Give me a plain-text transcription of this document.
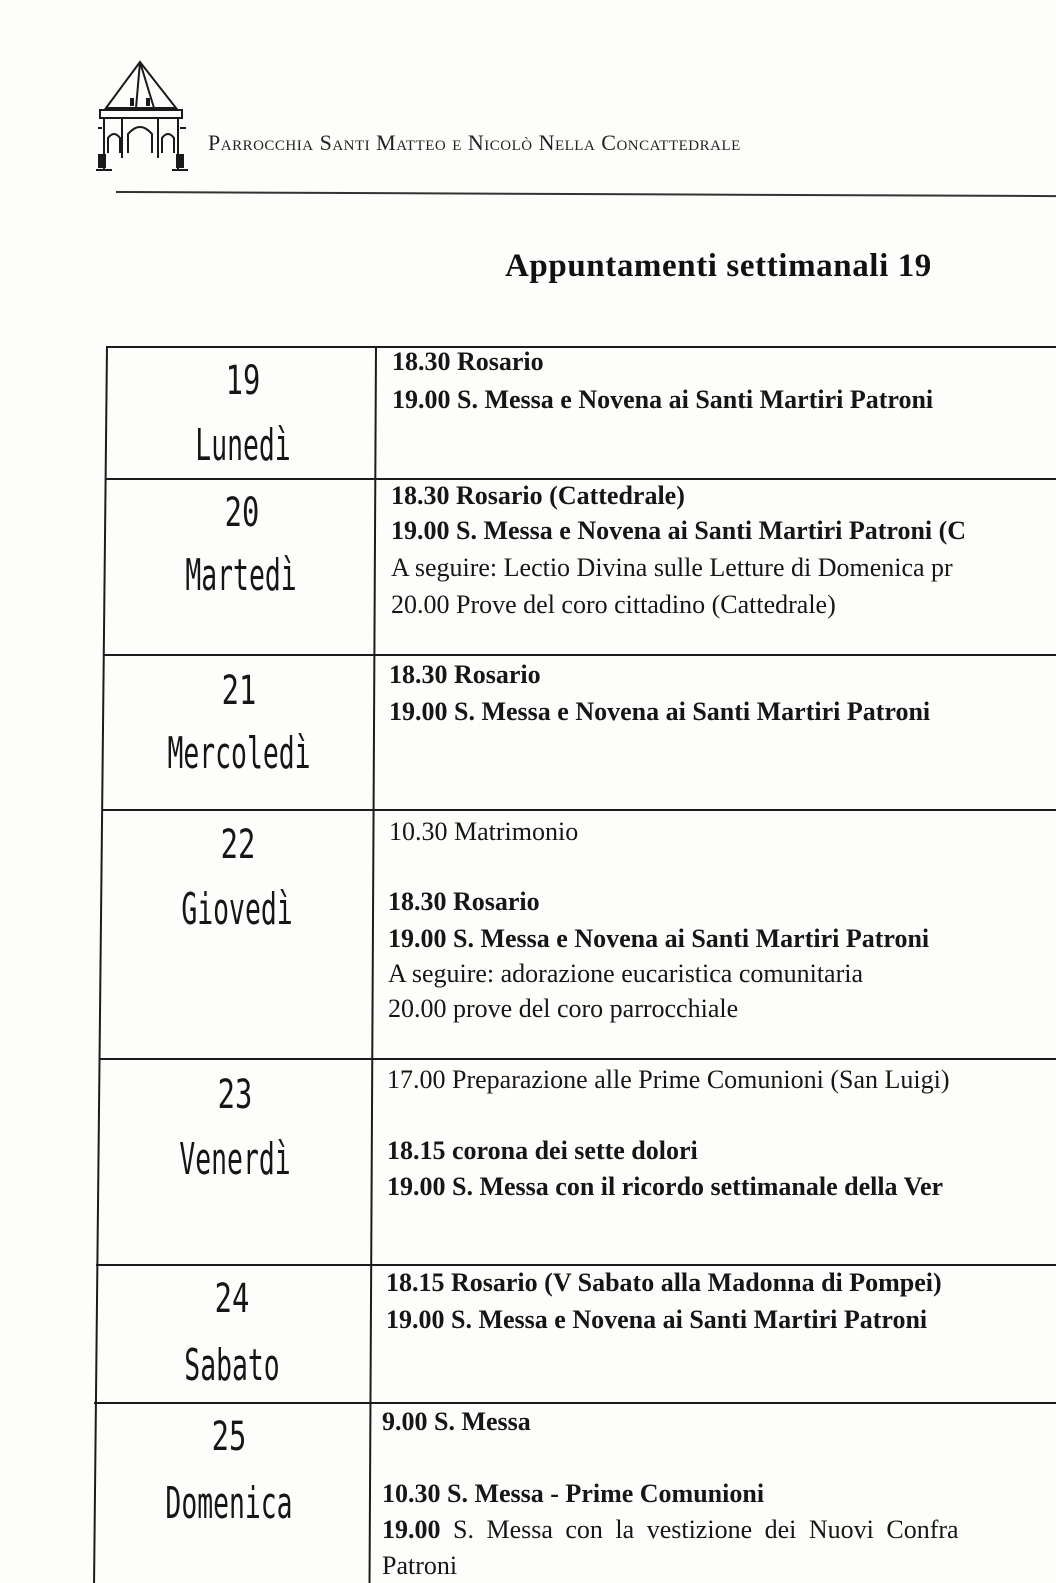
Parrocchia Santi Matteo e Nicolò Nella Concattedrale
Appuntamenti settimanali 19
19
Lunedì
18.30 Rosario
19.00 S. Messa e Novena ai Santi Martiri Patroni
20
Martedì
18.30 Rosario (Cattedrale)
19.00 S. Messa e Novena ai Santi Martiri Patroni (C
A seguire: Lectio Divina sulle Letture di Domenica pr
20.00 Prove del coro cittadino (Cattedrale)
21
Mercoledì
18.30 Rosario
19.00 S. Messa e Novena ai Santi Martiri Patroni
22
Giovedì
10.30 Matrimonio
18.30 Rosario
19.00 S. Messa e Novena ai Santi Martiri Patroni
A seguire: adorazione eucaristica comunitaria
20.00 prove del coro parrocchiale
23
Venerdì
17.00 Preparazione alle Prime Comunioni (San Luigi)
18.15 corona dei sette dolori
19.00 S. Messa con il ricordo settimanale della Ver
24
Sabato
18.15 Rosario (V Sabato alla Madonna di Pompei)
19.00 S. Messa e Novena ai Santi Martiri Patroni
25
Domenica
9.00 S. Messa
10.30 S. Messa - Prime Comunioni
19.00 S. Messa con la vestizione dei Nuovi Confra
Patroni
